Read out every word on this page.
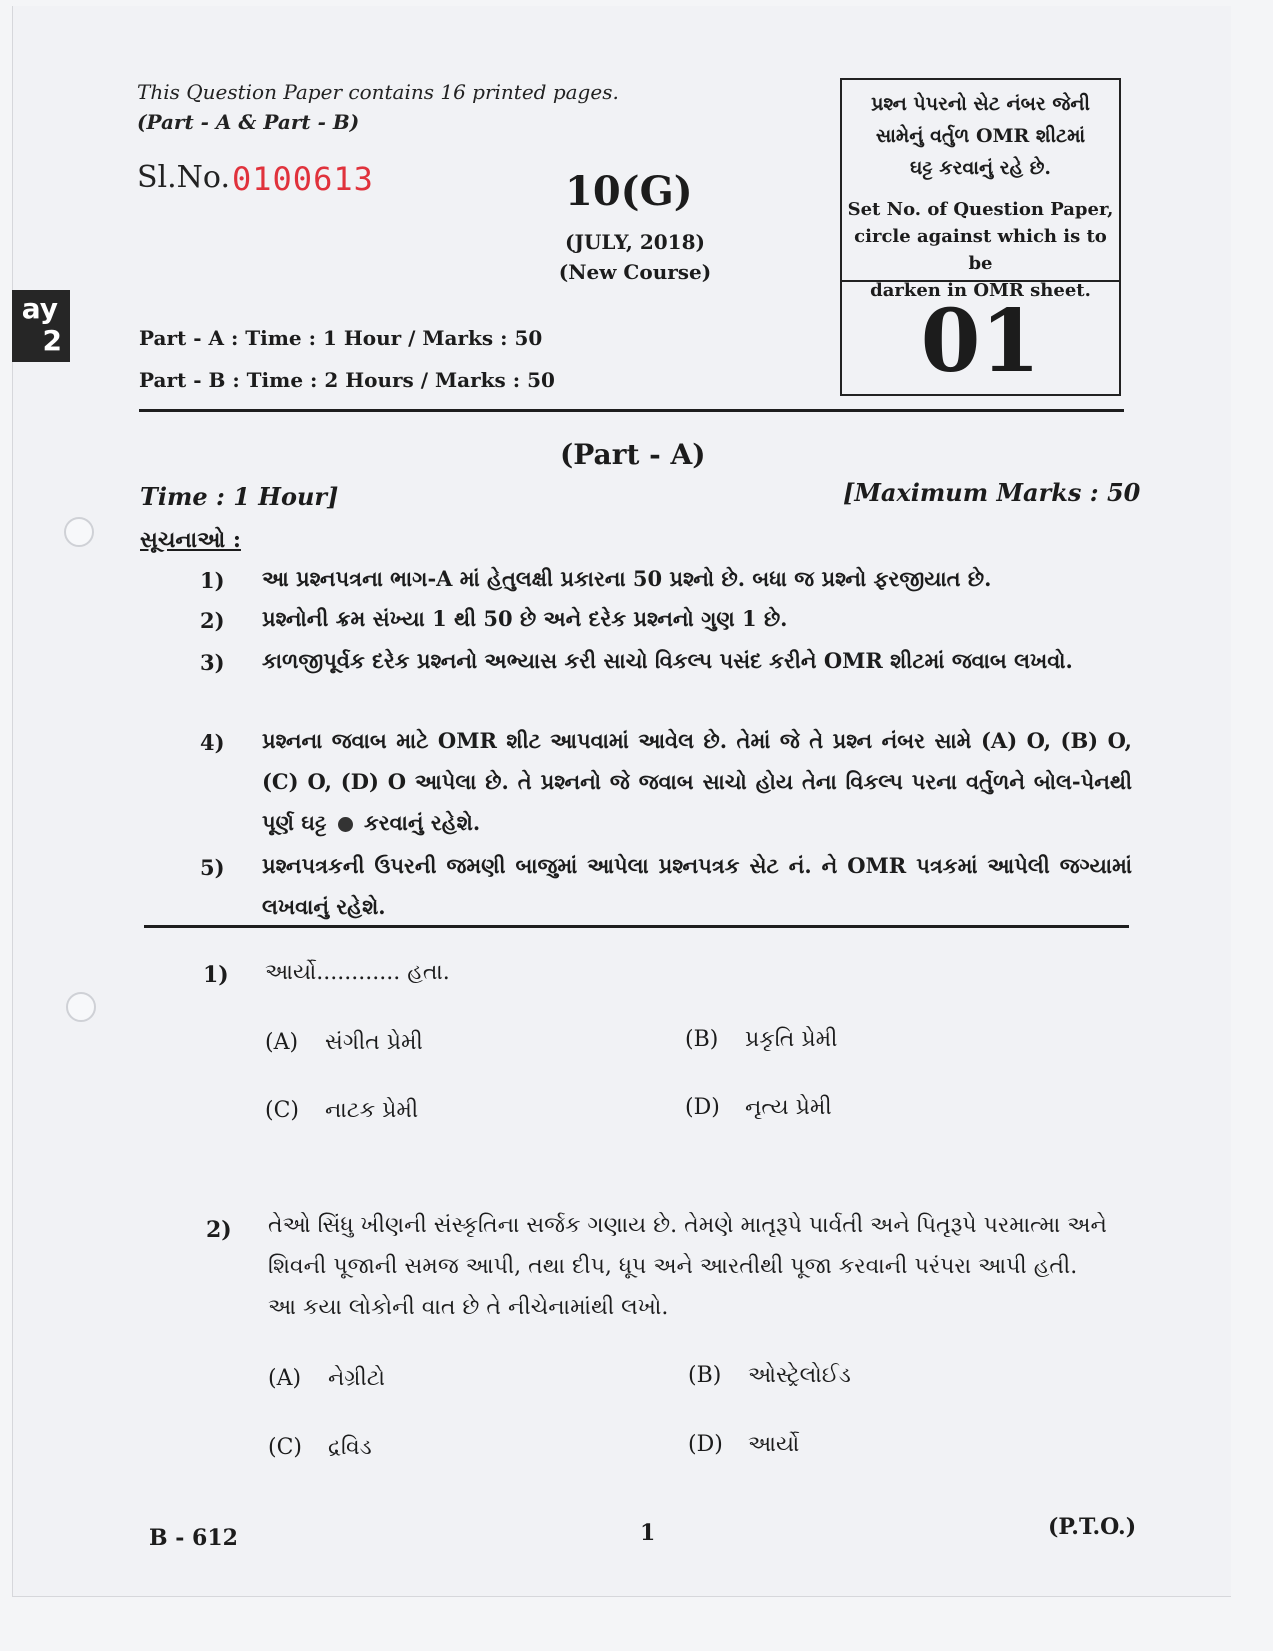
ay
2
This Question Paper contains 16 printed pages.
(Part - A & Part - B)
Sl.No. 0100613	10(G)
(JULY, 2018)
(New Course)
Part - A : Time : 1 Hour / Marks : 50
Part - B : Time : 2 Hours / Marks : 50
પ્રશ્ન પેપરનો સેટ નંબર જેની
સામેનું વર્તુળ OMR શીટમાં
ઘટ્ટ કરવાનું રહે છે.
Set No. of Question Paper,
circle against which is to be
darken in OMR sheet.
01
(Part - A)
Time : 1 Hour]	[Maximum Marks : 50
સૂચનાઓ :
1) આ પ્રશ્નપત્રના ભાગ-A માં હેતુલક્ષી પ્રકારના 50 પ્રશ્નો છે. બધા જ પ્રશ્નો ફરજીયાત છે.
2) પ્રશ્નોની ક્રમ સંખ્યા 1 થી 50 છે અને દરેક પ્રશ્નનો ગુણ 1 છે.
3) કાળજીપૂર્વક દરેક પ્રશ્નનો અભ્યાસ કરી સાચો વિકલ્પ પસંદ કરીને OMR શીટમાં જવાબ લખવો.
4) પ્રશ્નના જવાબ માટે OMR શીટ આપવામાં આવેલ છે. તેમાં જે તે પ્રશ્ન નંબર સામે (A) O, (B) O, (C) O, (D) O આપેલા છે. તે પ્રશ્નનો જે જવાબ સાચો હોય તેના વિકલ્પ પરના વર્તુળને બોલ-પેનથી પૂર્ણ ઘટ્ટ કરવાનું રહેશે.
5) પ્રશ્નપત્રકની ઉપરની જમણી બાજુમાં આપેલા પ્રશ્નપત્રક સેટ નં. ને OMR પત્રકમાં આપેલી જગ્યામાં લખવાનું રહેશે.
1) આર્યો............ હતા.
(A) સંગીત પ્રેમી	(B) પ્રકૃતિ પ્રેમી
(C) નાટક પ્રેમી	(D) નૃત્ય પ્રેમી
2) તેઓ સિંધુ ખીણની સંસ્કૃતિના સર્જક ગણાય છે. તેમણે માતૃરૂપે પાર્વતી અને પિતૃરૂપે પરમાત્મા અને શિવની પૂજાની સમજ આપી, તથા દીપ, ધૂપ અને આરતીથી પૂજા કરવાની પરંપરા આપી હતી. આ કયા લોકોની વાત છે તે નીચેનામાંથી લખો.
(A) નેગ્રીટો	(B) ઓસ્ટ્રેલોઈડ
(C) દ્રવિડ	(D) આર્યો
B - 612	1	(P.T.O.)
